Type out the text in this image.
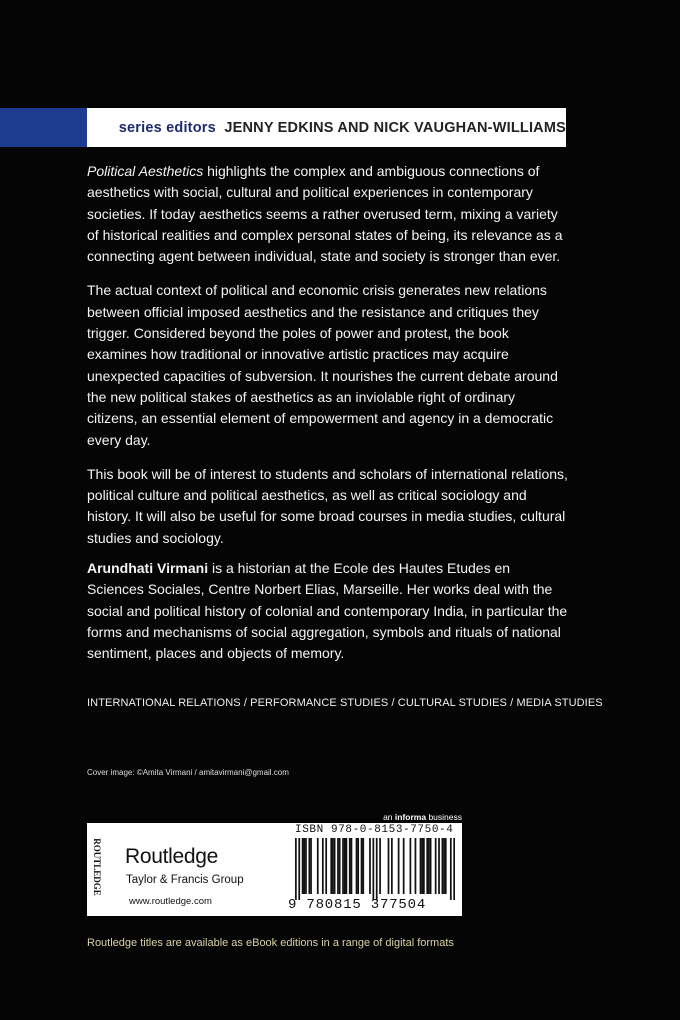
series editors JENNY EDKINS AND NICK VAUGHAN-WILLIAMS

Political Aesthetics highlights the complex and ambiguous connections of aesthetics with social, cultural and political experiences in contemporary societies. If today aesthetics seems a rather overused term, mixing a variety of historical realities and complex personal states of being, its relevance as a connecting agent between individual, state and society is stronger than ever.

The actual context of political and economic crisis generates new relations between official imposed aesthetics and the resistance and critiques they trigger. Considered beyond the poles of power and protest, the book examines how traditional or innovative artistic practices may acquire unexpected capacities of subversion. It nourishes the current debate around the new political stakes of aesthetics as an inviolable right of ordinary citizens, an essential element of empowerment and agency in a democratic every day.

This book will be of interest to students and scholars of international relations, political culture and political aesthetics, as well as critical sociology and history. It will also be useful for some broad courses in media studies, cultural studies and sociology.

Arundhati Virmani is a historian at the Ecole des Hautes Etudes en Sciences Sociales, Centre Norbert Elias, Marseille. Her works deal with the social and political history of colonial and contemporary India, in particular the forms and mechanisms of social aggregation, symbols and rituals of national sentiment, places and objects of memory.

INTERNATIONAL RELATIONS / PERFORMANCE STUDIES / CULTURAL STUDIES / MEDIA STUDIES
Cover image: ©Amita Virmani / amitavirmani@gmail.com
an informa business
ROUTLEDGE Routledge
Taylor & Francis Group
www.routledge.com
ISBN 978-0-8153-7750-4
9 780815 377504
Routledge titles are available as eBook editions in a range of digital formats
